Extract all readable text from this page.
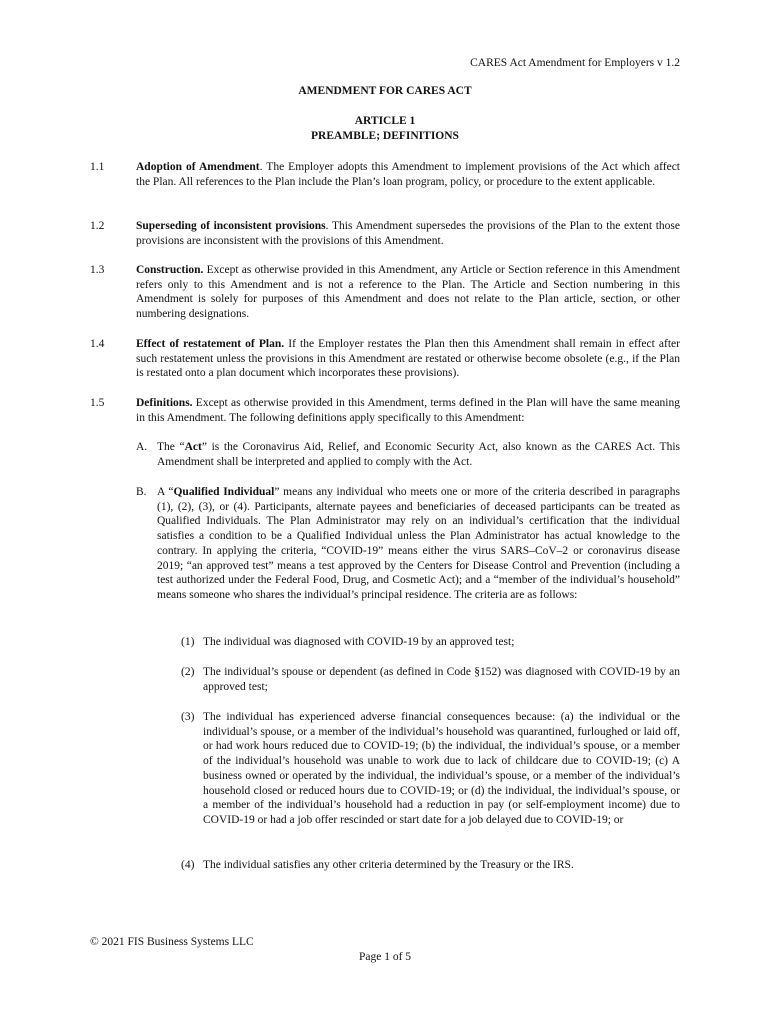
CARES Act Amendment for Employers v 1.2
AMENDMENT FOR CARES ACT
ARTICLE 1
PREAMBLE; DEFINITIONS
1.1	Adoption of Amendment. The Employer adopts this Amendment to implement provisions of the Act which affect the Plan. All references to the Plan include the Plan’s loan program, policy, or procedure to the extent applicable.
1.2	Superseding of inconsistent provisions. This Amendment supersedes the provisions of the Plan to the extent those provisions are inconsistent with the provisions of this Amendment.
1.3	Construction. Except as otherwise provided in this Amendment, any Article or Section reference in this Amendment refers only to this Amendment and is not a reference to the Plan. The Article and Section numbering in this Amendment is solely for purposes of this Amendment and does not relate to the Plan article, section, or other numbering designations.
1.4	Effect of restatement of Plan. If the Employer restates the Plan then this Amendment shall remain in effect after such restatement unless the provisions in this Amendment are restated or otherwise become obsolete (e.g., if the Plan is restated onto a plan document which incorporates these provisions).
1.5	Definitions. Except as otherwise provided in this Amendment, terms defined in the Plan will have the same meaning in this Amendment. The following definitions apply specifically to this Amendment:
A. The “Act” is the Coronavirus Aid, Relief, and Economic Security Act, also known as the CARES Act. This Amendment shall be interpreted and applied to comply with the Act.
B. A “Qualified Individual” means any individual who meets one or more of the criteria described in paragraphs (1), (2), (3), or (4). Participants, alternate payees and beneficiaries of deceased participants can be treated as Qualified Individuals. The Plan Administrator may rely on an individual’s certification that the individual satisfies a condition to be a Qualified Individual unless the Plan Administrator has actual knowledge to the contrary. In applying the criteria, “COVID-19” means either the virus SARS–CoV–2 or coronavirus disease 2019; “an approved test” means a test approved by the Centers for Disease Control and Prevention (including a test authorized under the Federal Food, Drug, and Cosmetic Act); and a “member of the individual’s household” means someone who shares the individual’s principal residence. The criteria are as follows:
(1) The individual was diagnosed with COVID-19 by an approved test;
(2) The individual’s spouse or dependent (as defined in Code §152) was diagnosed with COVID-19 by an approved test;
(3) The individual has experienced adverse financial consequences because: (a) the individual or the individual’s spouse, or a member of the individual’s household was quarantined, furloughed or laid off, or had work hours reduced due to COVID-19; (b) the individual, the individual’s spouse, or a member of the individual’s household was unable to work due to lack of childcare due to COVID-19; (c) A business owned or operated by the individual, the individual’s spouse, or a member of the individual’s household closed or reduced hours due to COVID-19; or (d) the individual, the individual’s spouse, or a member of the individual’s household had a reduction in pay (or self-employment income) due to COVID-19 or had a job offer rescinded or start date for a job delayed due to COVID-19; or
(4) The individual satisfies any other criteria determined by the Treasury or the IRS.
© 2021 FIS Business Systems LLC
Page 1 of 5
